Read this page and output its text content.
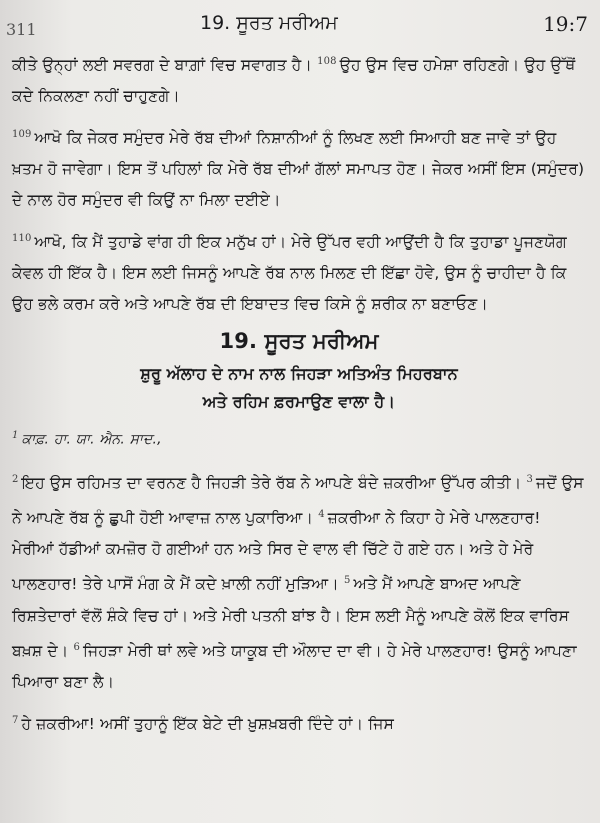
311	19. ਸੂਰਤ ਮਰੀਅਮ	19:7

ਕੀਤੇ ਉਨ੍ਹਾਂ ਲਈ ਸਵਰਗ ਦੇ ਬਾਗ਼ਾਂ ਵਿਚ ਸਵਾਗਤ ਹੈ। $^{108}$ ਉਹ ਉਸ ਵਿਚ ਹਮੇਸ਼ਾ ਰਹਿਣਗੇ। ਉਹ ਉੱਥੋਂ ਕਦੇ ਨਿਕਲਣਾ ਨਹੀਂ ਚਾਹੁਣਗੇ।

$^{109}$ ਆਖੋ ਕਿ ਜੇਕਰ ਸਮੁੰਦਰ ਮੇਰੇ ਰੱਬ ਦੀਆਂ ਨਿਸ਼ਾਨੀਆਂ ਨੂੰ ਲਿਖਣ ਲਈ ਸਿਆਹੀ ਬਣ ਜਾਵੇ ਤਾਂ ਉਹ ਖ਼ਤਮ ਹੋ ਜਾਵੇਗਾ। ਇਸ ਤੋਂ ਪਹਿਲਾਂ ਕਿ ਮੇਰੇ ਰੱਬ ਦੀਆਂ ਗੱਲਾਂ ਸਮਾਪਤ ਹੋਣ। ਜੇਕਰ ਅਸੀਂ ਇਸ (ਸਮੁੰਦਰ) ਦੇ ਨਾਲ ਹੋਰ ਸਮੁੰਦਰ ਵੀ ਕਿਉਂ ਨਾ ਮਿਲਾ ਦਈਏ।

$^{110}$ ਆਖੋ, ਕਿ ਮੈਂ ਤੁਹਾਡੇ ਵਾਂਗ ਹੀ ਇਕ ਮਨੁੱਖ ਹਾਂ। ਮੇਰੇ ਉੱਪਰ ਵਹੀ ਆਉਂਦੀ ਹੈ ਕਿ ਤੁਹਾਡਾ ਪੂਜਣਯੋਗ ਕੇਵਲ ਹੀ ਇੱਕ ਹੈ। ਇਸ ਲਈ ਜਿਸਨੂੰ ਆਪਣੇ ਰੱਬ ਨਾਲ ਮਿਲਣ ਦੀ ਇੱਛਾ ਹੋਵੇ, ਉਸ ਨੂੰ ਚਾਹੀਦਾ ਹੈ ਕਿ ਉਹ ਭਲੇ ਕਰਮ ਕਰੇ ਅਤੇ ਆਪਣੇ ਰੱਬ ਦੀ ਇਬਾਦਤ ਵਿਚ ਕਿਸੇ ਨੂੰ ਸ਼ਰੀਕ ਨਾ ਬਣਾਓਣ।

19. ਸੂਰਤ ਮਰੀਅਮ

ਸ਼ੁਰੂ ਅੱਲਾਹ ਦੇ ਨਾਮ ਨਾਲ ਜਿਹੜਾ ਅਤਿਅੰਤ ਮਿਹਰਬਾਨ

ਅਤੇ ਰਹਿਮ ਫ਼ਰਮਾਉਣ ਵਾਲਾ ਹੈ।

$^1$ ਕਾਫ਼. ਹਾ. ਯਾ. ਐਨ. ਸਾਦ.,

$^2$ ਇਹ ਉਸ ਰਹਿਮਤ ਦਾ ਵਰਨਣ ਹੈ ਜਿਹੜੀ ਤੇਰੇ ਰੱਬ ਨੇ ਆਪਣੇ ਬੰਦੇ ਜ਼ਕਰੀਆ ਉੱਪਰ ਕੀਤੀ। $^3$ ਜਦੋਂ ਉਸ ਨੇ ਆਪਣੇ ਰੱਬ ਨੂੰ ਛੁਪੀ ਹੋਈ ਆਵਾਜ਼ ਨਾਲ ਪੁਕਾਰਿਆ। $^4$ ਜ਼ਕਰੀਆ ਨੇ ਕਿਹਾ ਹੇ ਮੇਰੇ ਪਾਲਣਹਾਰ! ਮੇਰੀਆਂ ਹੱਡੀਆਂ ਕਮਜ਼ੋਰ ਹੋ ਗਈਆਂ ਹਨ ਅਤੇ ਸਿਰ ਦੇ ਵਾਲ ਵੀ ਚਿੱਟੇ ਹੋ ਗਏ ਹਨ। ਅਤੇ ਹੇ ਮੇਰੇ ਪਾਲਣਹਾਰ! ਤੇਰੇ ਪਾਸੋਂ ਮੰਗ ਕੇ ਮੈਂ ਕਦੇ ਖ਼ਾਲੀ ਨਹੀਂ ਮੁੜਿਆ। $^5$ ਅਤੇ ਮੈਂ ਆਪਣੇ ਬਾਅਦ ਆਪਣੇ ਰਿਸ਼ਤੇਦਾਰਾਂ ਵੱਲੋਂ ਸ਼ੰਕੇ ਵਿਚ ਹਾਂ। ਅਤੇ ਮੇਰੀ ਪਤਨੀ ਬਾਂਝ ਹੈ। ਇਸ ਲਈ ਮੈਨੂੰ ਆਪਣੇ ਕੋਲੋਂ ਇਕ ਵਾਰਿਸ ਬਖ਼ਸ਼ ਦੇ। $^6$ ਜਿਹੜਾ ਮੇਰੀ ਥਾਂ ਲਵੇ ਅਤੇ ਯਾਕੂਬ ਦੀ ਔਲਾਦ ਦਾ ਵੀ। ਹੇ ਮੇਰੇ ਪਾਲਣਹਾਰ! ਉਸਨੂੰ ਆਪਣਾ ਪਿਆਰਾ ਬਣਾ ਲੈ।

$^7$ ਹੇ ਜ਼ਕਰੀਆ! ਅਸੀਂ ਤੁਹਾਨੂੰ ਇੱਕ ਬੇਟੇ ਦੀ ਖ਼ੁਸ਼ਖ਼ਬਰੀ ਦਿੰਦੇ ਹਾਂ। ਜਿਸ
